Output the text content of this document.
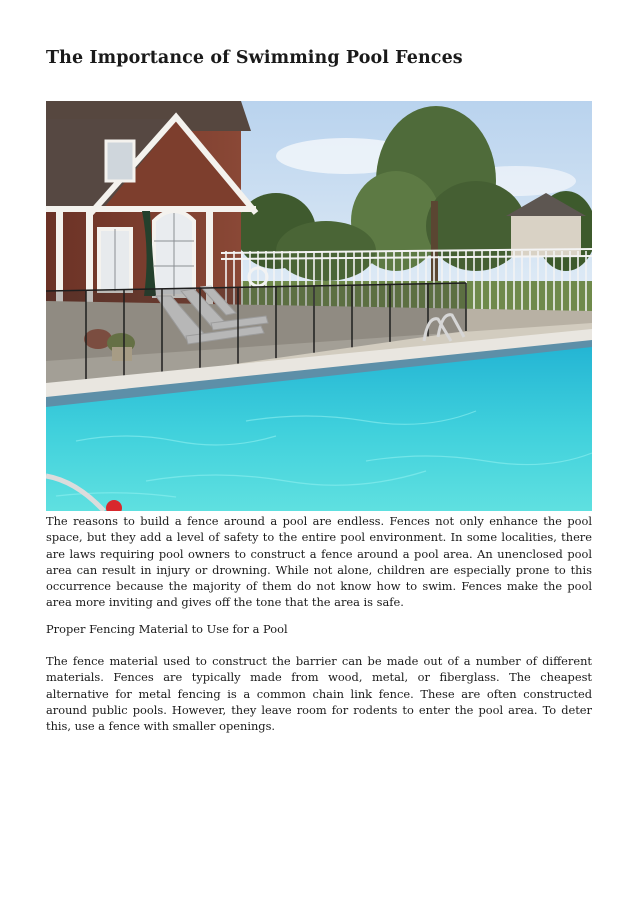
The Importance of Swimming Pool Fences

The reasons to build a fence around a pool are endless. Fences not only enhance the pool space, but they add a level of safety to the entire pool environment. In some localities, there are laws requiring pool owners to construct a fence around a pool area. An unenclosed pool area can result in injury or drowning. While not alone, children are especially prone to this occurrence because the majority of them do not know how to swim. Fences make the pool area more inviting and gives off the tone that the area is safe.

Proper Fencing Material to Use for a Pool

The fence material used to construct the barrier can be made out of a number of different materials. Fences are typically made from wood, metal, or fiberglass. The cheapest alternative for metal fencing is a common chain link fence. These are often constructed around public pools. However, they leave room for rodents to enter the pool area. To deter this, use a fence with smaller openings.
